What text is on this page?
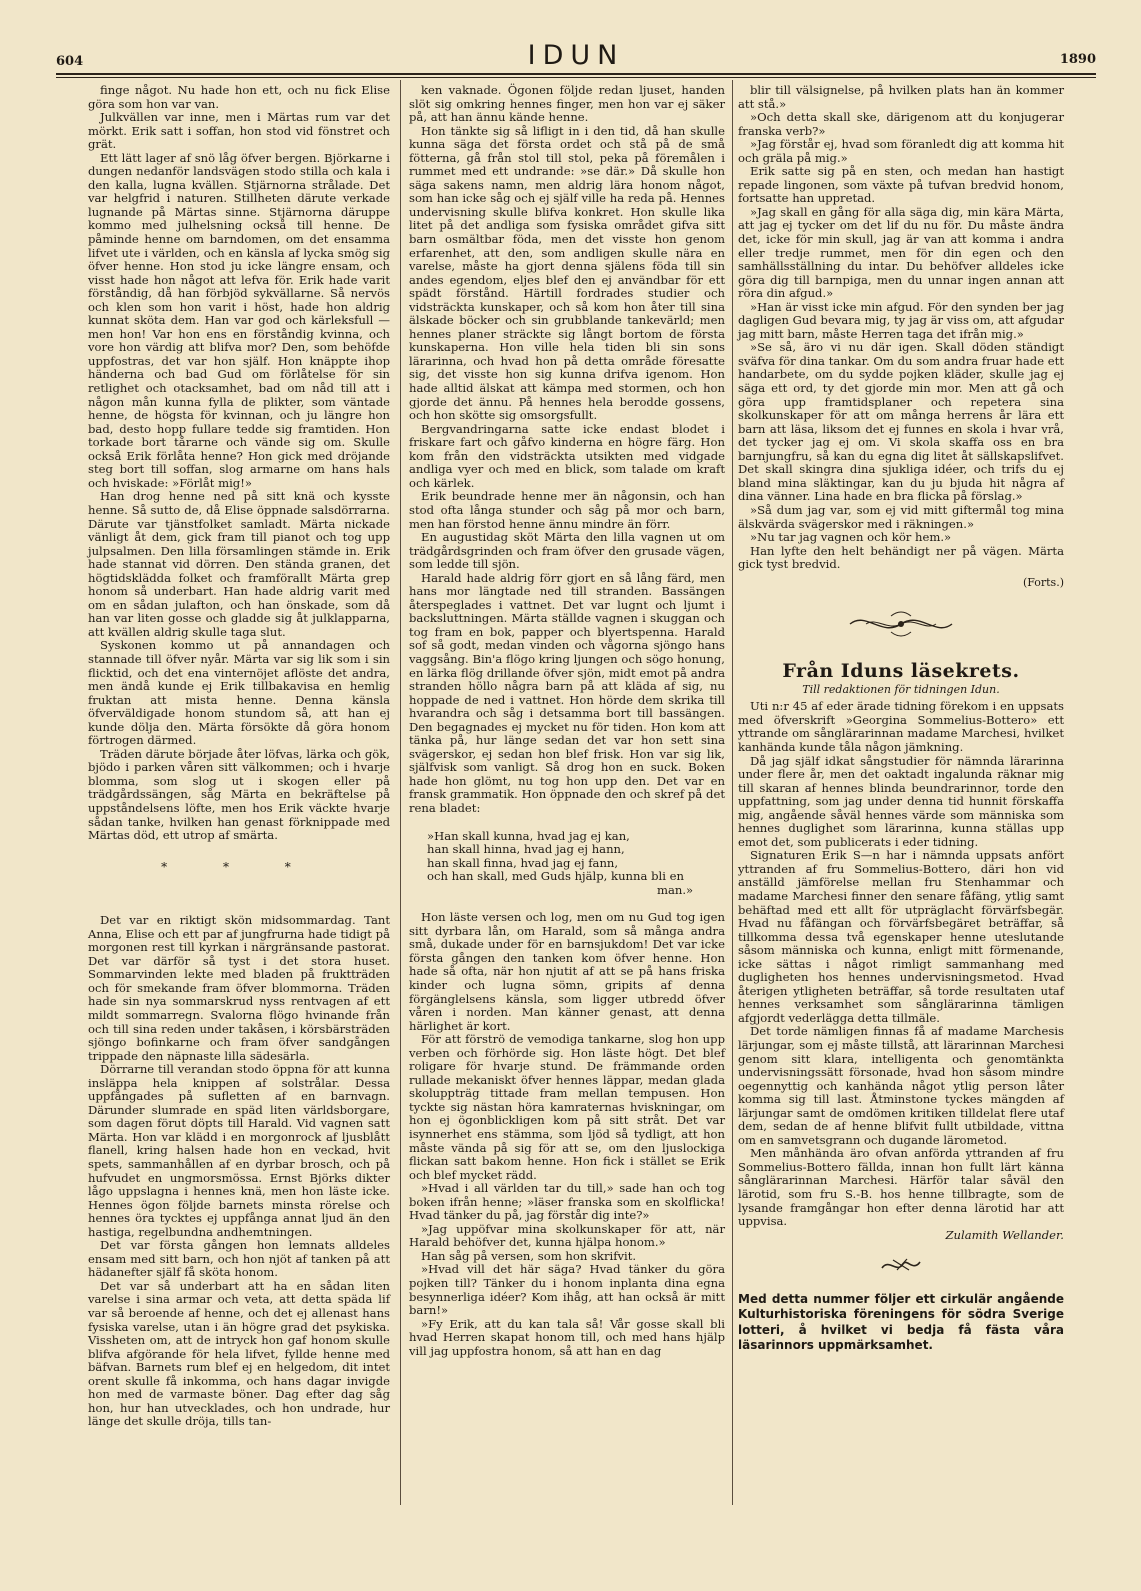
604	IDUN	1890

finge något. Nu hade hon ett, och nu fick Elise göra som hon var van.

Julkvällen var inne, men i Märtas rum var det mörkt. Erik satt i soffan, hon stod vid fönstret och grät.

Ett lätt lager af snö låg öfver bergen. Björkarne i dungen nedanför landsvägen stodo stilla och kala i den kalla, lugna kvällen. Stjärnorna strålade. Det var helgfrid i naturen. Stillheten därute verkade lugnande på Märtas sinne. Stjärnorna däruppe kommo med julhelsning också till henne. De påminde henne om barndomen, om det ensamma lifvet ute i världen, och en känsla af lycka smög sig öfver henne. Hon stod ju icke längre ensam, och visst hade hon något att lefva för. Erik hade varit förståndig, då han förbjöd sykvällarne. Så nervös och klen som hon varit i höst, hade hon aldrig kunnat sköta dem. Han var god och kärleksfull — men hon! Var hon ens en förståndig kvinna, och vore hon värdig att blifva mor? Den, som behöfde uppfostras, det var hon själf. Hon knäppte ihop händerna och bad Gud om förlåtelse för sin retlighet och otacksamhet, bad om nåd till att i någon mån kunna fylla de plikter, som väntade henne, de högsta för kvinnan, och ju längre hon bad, desto hopp fullare tedde sig framtiden. Hon torkade bort tårarne och vände sig om. Skulle också Erik förlåta henne? Hon gick med dröjande steg bort till soffan, slog armarne om hans hals och hviskade: »Förlåt mig!»

Han drog henne ned på sitt knä och kysste henne. Så sutto de, då Elise öppnade salsdörrarna. Därute var tjänstfolket samladt. Märta nickade vänligt åt dem, gick fram till pianot och tog upp julpsalmen. Den lilla församlingen stämde in. Erik hade stannat vid dörren. Den stända granen, det högtidsklädda folket och framförallt Märta grep honom så underbart. Han hade aldrig varit med om en sådan julafton, och han önskade, som då han var liten gosse och gladde sig åt julklapparna, att kvällen aldrig skulle taga slut.

Syskonen kommo ut på annandagen och stannade till öfver nyår. Märta var sig lik som i sin flicktid, och det ena vinternöjet aflöste det andra, men ändå kunde ej Erik tillbakavisa en hemlig fruktan att mista henne. Denna känsla öfverväldigade honom stundom så, att han ej kunde dölja den. Märta försökte då göra honom förtrogen därmed.

Träden därute började åter löfvas, lärka och gök, bjödo i parken våren sitt välkommen; och i hvarje blomma, som slog ut i skogen eller på trädgårdssängen, såg Märta en bekräftelse på uppståndelsens löfte, men hos Erik väckte hvarje sådan tanke, hvilken han genast förknippade med Märtas död, ett utrop af smärta.

* * *

Det var en riktigt skön midsommardag. Tant Anna, Elise och ett par af jungfrurna hade tidigt på morgonen rest till kyrkan i närgränsande pastorat. Det var därför så tyst i det stora huset. Sommarvinden lekte med bladen på fruktträden och för smekande fram öfver blommorna. Träden hade sin nya sommarskrud nyss rentvagen af ett mildt sommarregn. Svalorna flögo hvinande från och till sina reden under takåsen, i körsbärsträden sjöngo bofinkarne och fram öfver sandgången trippade den näpnaste lilla sädesärla.

Dörrarne till verandan stodo öppna för att kunna insläppa hela knippen af solstrålar. Dessa uppfångades på sufletten af en barnvagn. Därunder slumrade en späd liten världsborgare, som dagen förut döpts till Harald. Vid vagnen satt Märta. Hon var klädd i en morgonrock af ljusblått flanell, kring halsen hade hon en veckad, hvit spets, sammanhållen af en dyrbar brosch, och på hufvudet en ungmorsmössa. Ernst Björks dikter lågo uppslagna i hennes knä, men hon läste icke. Hennes ögon följde barnets minsta rörelse och hennes öra tycktes ej uppfånga annat ljud än den hastiga, regelbundna andhemtningen.

Det var första gången hon lemnats alldeles ensam med sitt barn, och hon njöt af tanken på att hädanefter själf få sköta honom.

Det var så underbart att ha en sådan liten varelse i sina armar och veta, att detta späda lif var så beroende af henne, och det ej allenast hans fysiska varelse, utan i än högre grad det psykiska. Vissheten om, att de intryck hon gaf honom skulle blifva afgörande för hela lifvet, fyllde henne med bäfvan. Barnets rum blef ej en helgedom, dit intet orent skulle få inkomma, och hans dagar invigde hon med de varmaste böner. Dag efter dag såg hon, hur han utvecklades, och hon undrade, hur länge det skulle dröja, tills tan-

ken vaknade. Ögonen följde redan ljuset, handen slöt sig omkring hennes finger, men hon var ej säker på, att han ännu kände henne.

Hon tänkte sig så lifligt in i den tid, då han skulle kunna säga det första ordet och stå på de små fötterna, gå från stol till stol, peka på föremålen i rummet med ett undrande: »se där.» Då skulle hon säga sakens namn, men aldrig lära honom något, som han icke såg och ej själf ville ha reda på. Hennes undervisning skulle blifva konkret. Hon skulle lika litet på det andliga som fysiska området gifva sitt barn osmältbar föda, men det visste hon genom erfarenhet, att den, som andligen skulle nära en varelse, måste ha gjort denna själens föda till sin andes egendom, eljes blef den ej användbar för ett spädt förstånd. Härtill fordrades studier och vidsträckta kunskaper, och så kom hon åter till sina älskade böcker och sin grubblande tankevärld; men hennes planer sträckte sig långt bortom de första kunskaperna. Hon ville hela tiden bli sin sons lärarinna, och hvad hon på detta område föresatte sig, det visste hon sig kunna drifva igenom. Hon hade alltid älskat att kämpa med stormen, och hon gjorde det ännu. På hennes hela berodde gossens, och hon skötte sig omsorgsfullt.

Bergvandringarna satte icke endast blodet i friskare fart och gåfvo kinderna en högre färg. Hon kom från den vidsträckta utsikten med vidgade andliga vyer och med en blick, som talade om kraft och kärlek.

Erik beundrade henne mer än någonsin, och han stod ofta långa stunder och såg på mor och barn, men han förstod henne ännu mindre än förr.

En augustidag sköt Märta den lilla vagnen ut om trädgårdsgrinden och fram öfver den grusade vägen, som ledde till sjön.

Harald hade aldrig förr gjort en så lång färd, men hans mor längtade ned till stranden. Bassängen återspeglades i vattnet. Det var lugnt och ljumt i backsluttningen. Märta ställde vagnen i skuggan och tog fram en bok, papper och blyertspenna. Harald sof så godt, medan vinden och vågorna sjöngo hans vaggsång. Bin'a flögo kring ljungen och sögo honung, en lärka flög drillande öfver sjön, midt emot på andra stranden höllo några barn på att kläda af sig, nu hoppade de ned i vattnet. Hon hörde dem skrika till hvarandra och såg i detsamma bort till bassängen. Den begagnades ej mycket nu för tiden. Hon kom att tänka på, hur länge sedan det var hon sett sina svägerskor, ej sedan hon blef frisk. Hon var sig lik, själfvisk som vanligt. Så drog hon en suck. Boken hade hon glömt, nu tog hon upp den. Det var en fransk grammatik. Hon öppnade den och skref på det rena bladet:

»Han skall kunna, hvad jag ej kan,
han skall hinna, hvad jag ej hann,
han skall finna, hvad jag ej fann,
och han skall, med Guds hjälp, kunna bli en
man.»

Hon läste versen och log, men om nu Gud tog igen sitt dyrbara lån, om Harald, som så många andra små, dukade under för en barnsjukdom! Det var icke första gången den tanken kom öfver henne. Hon hade så ofta, när hon njutit af att se på hans friska kinder och lugna sömn, gripits af denna förgänglelsens känsla, som ligger utbredd öfver våren i norden. Man känner genast, att denna härlighet är kort.

För att förströ de vemodiga tankarne, slog hon upp verben och förhörde sig. Hon läste högt. Det blef roligare för hvarje stund. De främmande orden rullade mekaniskt öfver hennes läppar, medan glada skoluppträg tittade fram mellan tempusen. Hon tyckte sig nästan höra kamraternas hviskningar, om hon ej ögonblickligen kom på sitt stråt. Det var isynnerhet ens stämma, som ljöd så tydligt, att hon måste vända på sig för att se, om den ljuslockiga flickan satt bakom henne. Hon fick i stället se Erik och blef mycket rädd.

»Hvad i all världen tar du till,» sade han och tog boken ifrån henne; »läser franska som en skolflicka! Hvad tänker du på, jag förstår dig inte?»

»Jag uppöfvar mina skolkunskaper för att, när Harald behöfver det, kunna hjälpa honom.»

Han såg på versen, som hon skrifvit.

»Hvad vill det här säga? Hvad tänker du göra pojken till? Tänker du i honom inplanta dina egna besynnerliga idéer? Kom ihåg, att han också är mitt barn!»

»Fy Erik, att du kan tala så! Vår gosse skall bli hvad Herren skapat honom till, och med hans hjälp vill jag uppfostra honom, så att han en dag

blir till välsignelse, på hvilken plats han än kommer att stå.»

»Och detta skall ske, därigenom att du konjugerar franska verb?»

»Jag förstår ej, hvad som föranledt dig att komma hit och gräla på mig.»

Erik satte sig på en sten, och medan han hastigt repade lingonen, som växte på tufvan bredvid honom, fortsatte han uppretad.

»Jag skall en gång för alla säga dig, min kära Märta, att jag ej tycker om det lif du nu för. Du måste ändra det, icke för min skull, jag är van att komma i andra eller tredje rummet, men för din egen och den samhällsställning du intar. Du behöfver alldeles icke göra dig till barnpiga, men du unnar ingen annan att röra din afgud.»

»Han är visst icke min afgud. För den synden ber jag dagligen Gud bevara mig, ty jag är viss om, att afgudar jag mitt barn, måste Herren taga det ifrån mig.»

»Se så, äro vi nu där igen. Skall döden ständigt sväfva för dina tankar. Om du som andra fruar hade ett handarbete, om du sydde pojken kläder, skulle jag ej säga ett ord, ty det gjorde min mor. Men att gå och göra upp framtidsplaner och repetera sina skolkunskaper för att om många herrens år lära ett barn att läsa, liksom det ej funnes en skola i hvar vrå, det tycker jag ej om. Vi skola skaffa oss en bra barnjungfru, så kan du egna dig litet åt sällskapslifvet. Det skall skingra dina sjukliga idéer, och trifs du ej bland mina släktingar, kan du ju bjuda hit några af dina vänner. Lina hade en bra flicka på förslag.»

»Så dum jag var, som ej vid mitt giftermål tog mina älskvärda svägerskor med i räkningen.»

»Nu tar jag vagnen och kör hem.»

Han lyfte den helt behändigt ner på vägen. Märta gick tyst bredvid.

(Forts.)
Från Iduns läsekrets.
Till redaktionen för tidningen Idun.

Uti n:r 45 af eder ärade tidning förekom i en uppsats med öfverskrift »Georgina Sommelius-Bottero» ett yttrande om sånglärarinnan madame Marchesi, hvilket kanhända kunde tåla någon jämkning.

Då jag själf idkat sångstudier för nämnda lärarinna under flere år, men det oaktadt ingalunda räknar mig till skaran af hennes blinda beundrarinnor, torde den uppfattning, som jag under denna tid hunnit förskaffa mig, angående såväl hennes värde som människa som hennes duglighet som lärarinna, kunna ställas upp emot det, som publicerats i eder tidning.

Signaturen Erik S—n har i nämnda uppsats anfört yttranden af fru Sommelius-Bottero, däri hon vid anställd jämförelse mellan fru Stenhammar och madame Marchesi finner den senare fåfäng, ytlig samt behäftad med ett allt för utpräglacht förvärfsbegär. Hvad nu fåfängan och förvärfsbegäret beträffar, så tillkomma dessa två egenskaper henne uteslutande såsom människa och kunna, enligt mitt förmenande, icke sättas i något rimligt sammanhang med dugligheten hos hennes undervisningsmetod. Hvad återigen ytligheten beträffar, så torde resultaten utaf hennes verksamhet som sånglärarinna tämligen afgjordt vederlägga detta tillmäle.

Det torde nämligen finnas få af madame Marchesis lärjungar, som ej måste tillstå, att lärarinnan Marchesi genom sitt klara, intelligenta och genomtänkta undervisningssätt försonade, hvad hon såsom mindre oegennyttig och kanhända något ytlig person låter komma sig till last. Åtminstone tyckes mängden af lärjungar samt de omdömen kritiken tilldelat flere utaf dem, sedan de af henne blifvit fullt utbildade, vittna om en samvetsgrann och dugande lärometod.

Men månhända äro ofvan anförda yttranden af fru Sommelius-Bottero fällda, innan hon fullt lärt känna sånglärarinnan Marchesi. Härför talar såväl den lärotid, som fru S.-B. hos henne tillbragte, som de lysande framgångar hon efter denna lärotid har att uppvisa.

Zulamith Wellander.
Med detta nummer följer ett cirkulär angående Kulturhistoriska föreningens för södra Sverige lotteri, å hvilket vi bedja få fästa våra läsarinnors uppmärksamhet.
